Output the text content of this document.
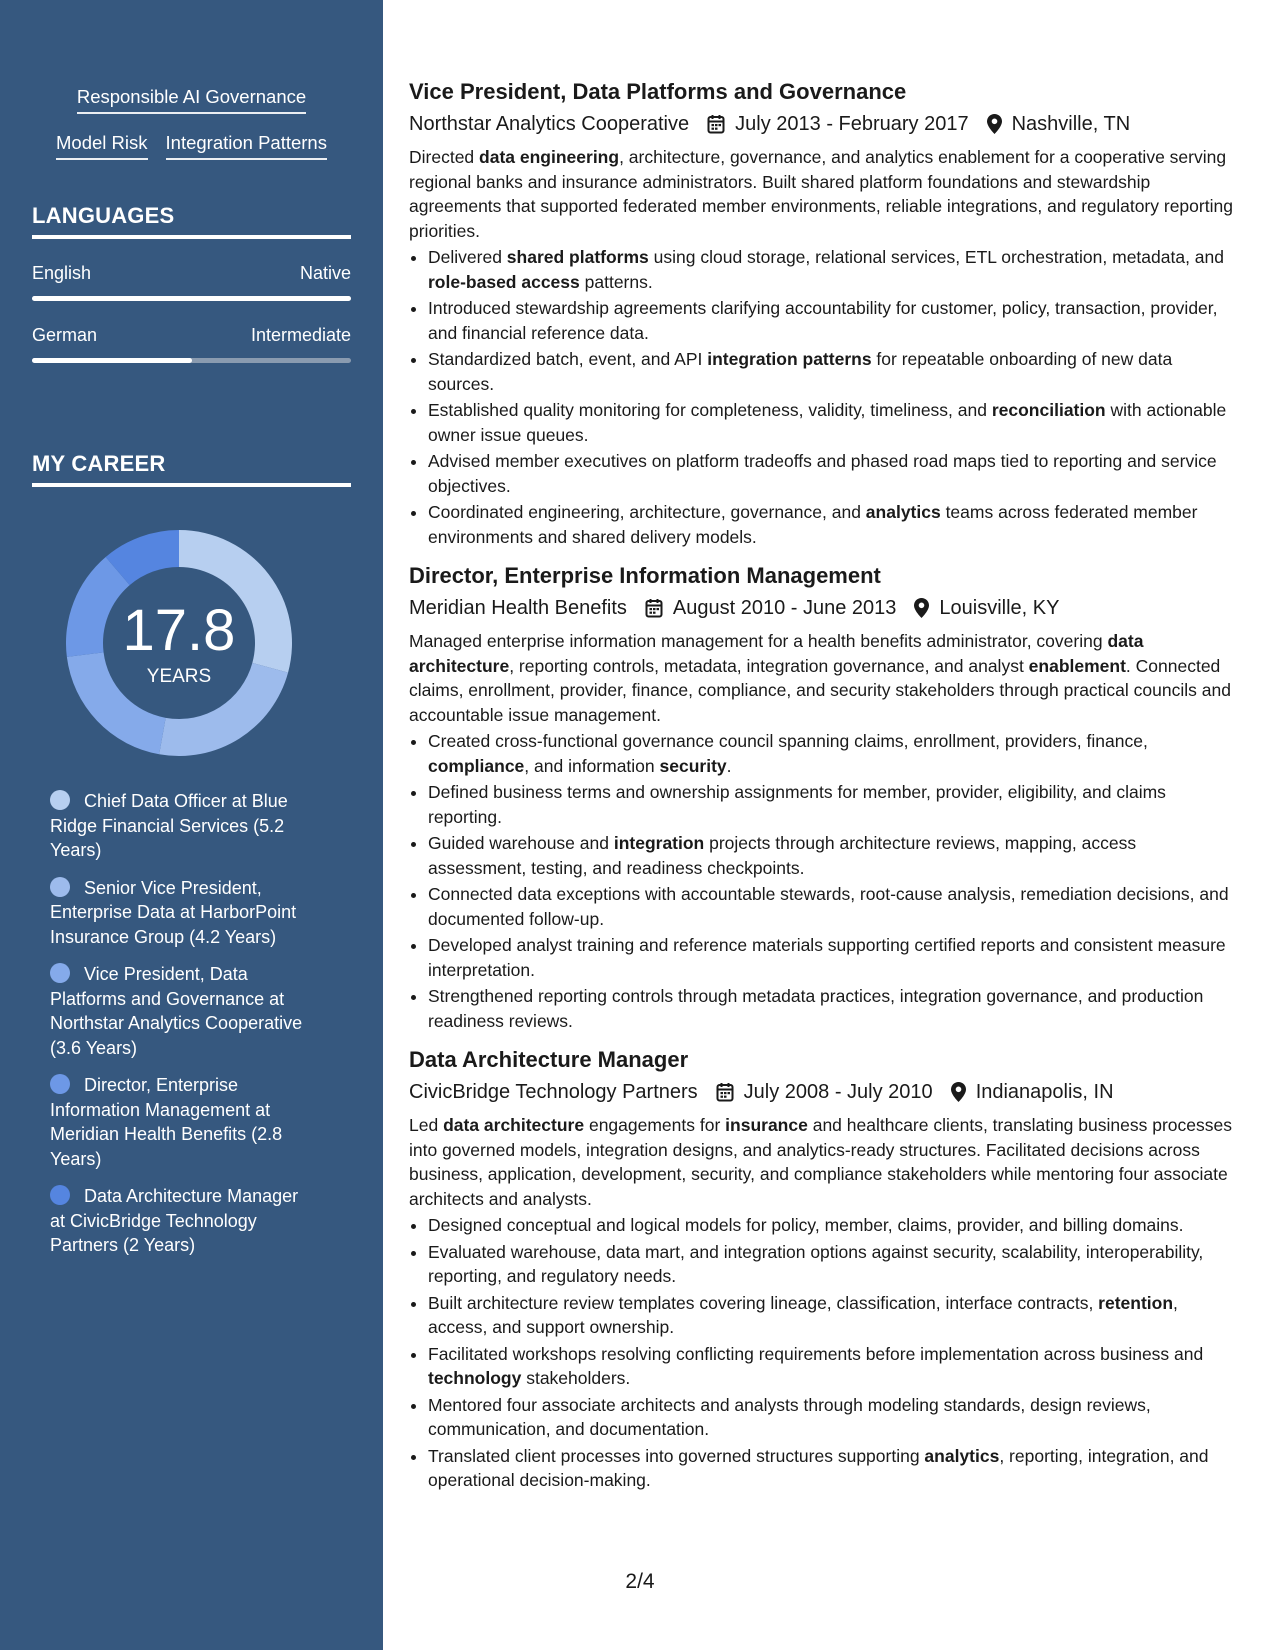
Responsible AI Governance
Model Risk Integration Patterns
LANGUAGES
English	Native
German	Intermediate
MY CAREER
17.8
YEARS
Chief Data Officer at Blue Ridge Financial Services (5.2 Years)
Senior Vice President, Enterprise Data at HarborPoint Insurance Group (4.2 Years)
Vice President, Data Platforms and Governance at Northstar Analytics Cooperative (3.6 Years)
Director, Enterprise Information Management at Meridian Health Benefits (2.8 Years)
Data Architecture Manager at CivicBridge Technology Partners (2 Years)
Vice President, Data Platforms and Governance
Northstar Analytics Cooperative July 2013 - February 2017 Nashville, TN
Directed data engineering, architecture, governance, and analytics enablement for a cooperative serving regional banks and insurance administrators. Built shared platform foundations and stewardship agreements that supported federated member environments, reliable integrations, and regulatory reporting priorities.
• Delivered shared platforms using cloud storage, relational services, ETL orchestration, metadata, and role-based access patterns.
• Introduced stewardship agreements clarifying accountability for customer, policy, transaction, provider, and financial reference data.
• Standardized batch, event, and API integration patterns for repeatable onboarding of new data sources.
• Established quality monitoring for completeness, validity, timeliness, and reconciliation with actionable owner issue queues.
• Advised member executives on platform tradeoffs and phased road maps tied to reporting and service objectives.
• Coordinated engineering, architecture, governance, and analytics teams across federated member environments and shared delivery models.
Director, Enterprise Information Management
Meridian Health Benefits August 2010 - June 2013 Louisville, KY
Managed enterprise information management for a health benefits administrator, covering data architecture, reporting controls, metadata, integration governance, and analyst enablement. Connected claims, enrollment, provider, finance, compliance, and security stakeholders through practical councils and accountable issue management.
• Created cross-functional governance council spanning claims, enrollment, providers, finance, compliance, and information security.
• Defined business terms and ownership assignments for member, provider, eligibility, and claims reporting.
• Guided warehouse and integration projects through architecture reviews, mapping, access assessment, testing, and readiness checkpoints.
• Connected data exceptions with accountable stewards, root-cause analysis, remediation decisions, and documented follow-up.
• Developed analyst training and reference materials supporting certified reports and consistent measure interpretation.
• Strengthened reporting controls through metadata practices, integration governance, and production readiness reviews.
Data Architecture Manager
CivicBridge Technology Partners July 2008 - July 2010 Indianapolis, IN
Led data architecture engagements for insurance and healthcare clients, translating business processes into governed models, integration designs, and analytics-ready structures. Facilitated decisions across business, application, development, security, and compliance stakeholders while mentoring four associate architects and analysts.
• Designed conceptual and logical models for policy, member, claims, provider, and billing domains.
• Evaluated warehouse, data mart, and integration options against security, scalability, interoperability, reporting, and regulatory needs.
• Built architecture review templates covering lineage, classification, interface contracts, retention, access, and support ownership.
• Facilitated workshops resolving conflicting requirements before implementation across business and technology stakeholders.
• Mentored four associate architects and analysts through modeling standards, design reviews, communication, and documentation.
• Translated client processes into governed structures supporting analytics, reporting, integration, and operational decision-making.
2/4
